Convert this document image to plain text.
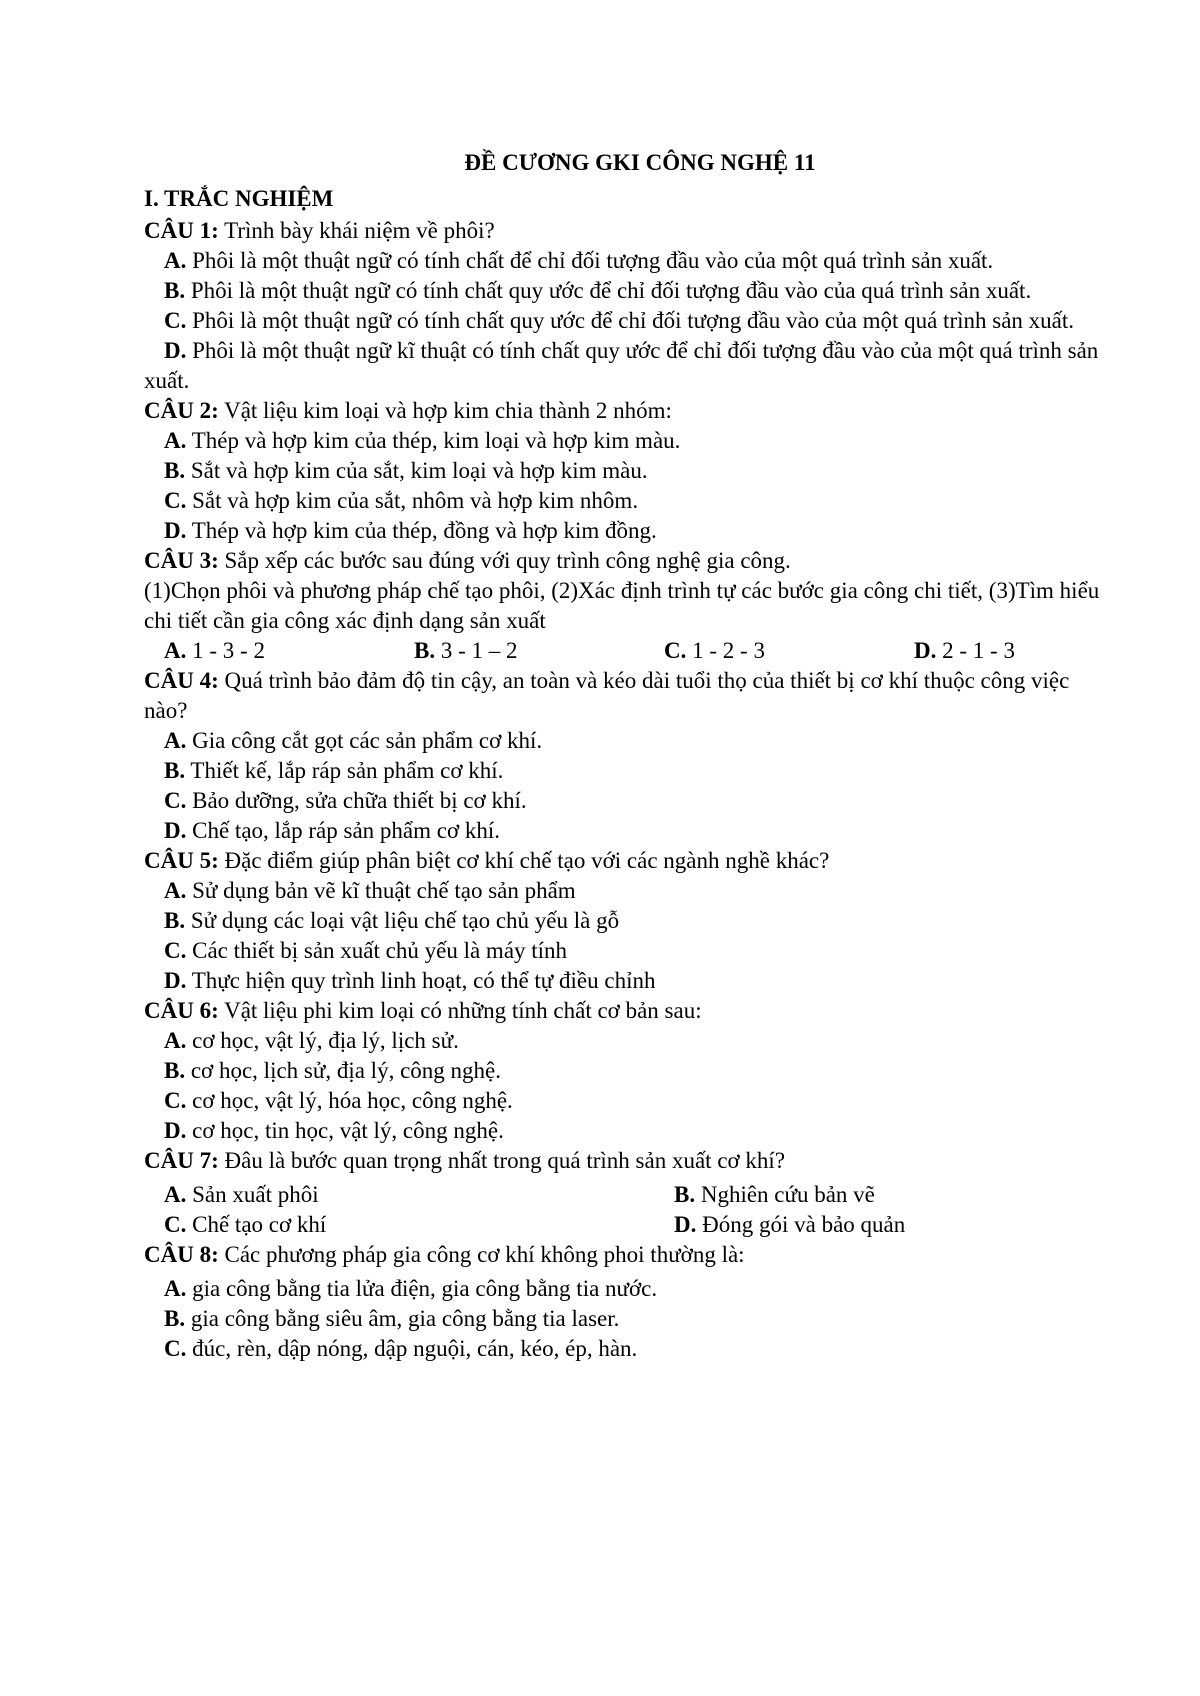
ĐỀ CƯƠNG GKI CÔNG NGHỆ 11
I. TRẮC NGHIỆM
CÂU 1: Trình bày khái niệm về phôi?
A. Phôi là một thuật ngữ có tính chất để chỉ đối tượng đầu vào của một quá trình sản xuất.
B. Phôi là một thuật ngữ có tính chất quy ước để chỉ đối tượng đầu vào của quá trình sản xuất.
C. Phôi là một thuật ngữ có tính chất quy ước để chỉ đối tượng đầu vào của một quá trình sản xuất.
D. Phôi là một thuật ngữ kĩ thuật có tính chất quy ước để chỉ đối tượng đầu vào của một quá trình sản xuất.
CÂU 2: Vật liệu kim loại và hợp kim chia thành 2 nhóm:
A. Thép và hợp kim của thép, kim loại và hợp kim màu.
B. Sắt và hợp kim của sắt, kim loại và hợp kim màu.
C. Sắt và hợp kim của sắt, nhôm và hợp kim nhôm.
D. Thép và hợp kim của thép, đồng và hợp kim đồng.
CÂU 3: Sắp xếp các bước sau đúng với quy trình công nghệ gia công.
(1)Chọn phôi và phương pháp chế tạo phôi, (2)Xác định trình tự các bước gia công chi tiết, (3)Tìm hiểu chi tiết cần gia công xác định dạng sản xuất
A. 1 - 3 - 2	B. 3 - 1 – 2	C. 1 - 2 - 3	D. 2 - 1 - 3
CÂU 4: Quá trình bảo đảm độ tin cậy, an toàn và kéo dài tuổi thọ của thiết bị cơ khí thuộc công việc nào?
A. Gia công cắt gọt các sản phẩm cơ khí.
B. Thiết kế, lắp ráp sản phẩm cơ khí.
C. Bảo dưỡng, sửa chữa thiết bị cơ khí.
D. Chế tạo, lắp ráp sản phẩm cơ khí.
CÂU 5: Đặc điểm giúp phân biệt cơ khí chế tạo với các ngành nghề khác?
A. Sử dụng bản vẽ kĩ thuật chế tạo sản phẩm
B. Sử dụng các loại vật liệu chế tạo chủ yếu là gỗ
C. Các thiết bị sản xuất chủ yếu là máy tính
D. Thực hiện quy trình linh hoạt, có thể tự điều chỉnh
CÂU 6: Vật liệu phi kim loại có những tính chất cơ bản sau:
A. cơ học, vật lý, địa lý, lịch sử.
B. cơ học, lịch sử, địa lý, công nghệ.
C. cơ học, vật lý, hóa học, công nghệ.
D. cơ học, tin học, vật lý, công nghệ.
CÂU 7: Đâu là bước quan trọng nhất trong quá trình sản xuất cơ khí?
A. Sản xuất phôi	B. Nghiên cứu bản vẽ
C. Chế tạo cơ khí	D. Đóng gói và bảo quản
CÂU 8: Các phương pháp gia công cơ khí không phoi thường là:
A. gia công bằng tia lửa điện, gia công bằng tia nước.
B. gia công bằng siêu âm, gia công bằng tia laser.
C. đúc, rèn, dập nóng, dập nguội, cán, kéo, ép, hàn.
